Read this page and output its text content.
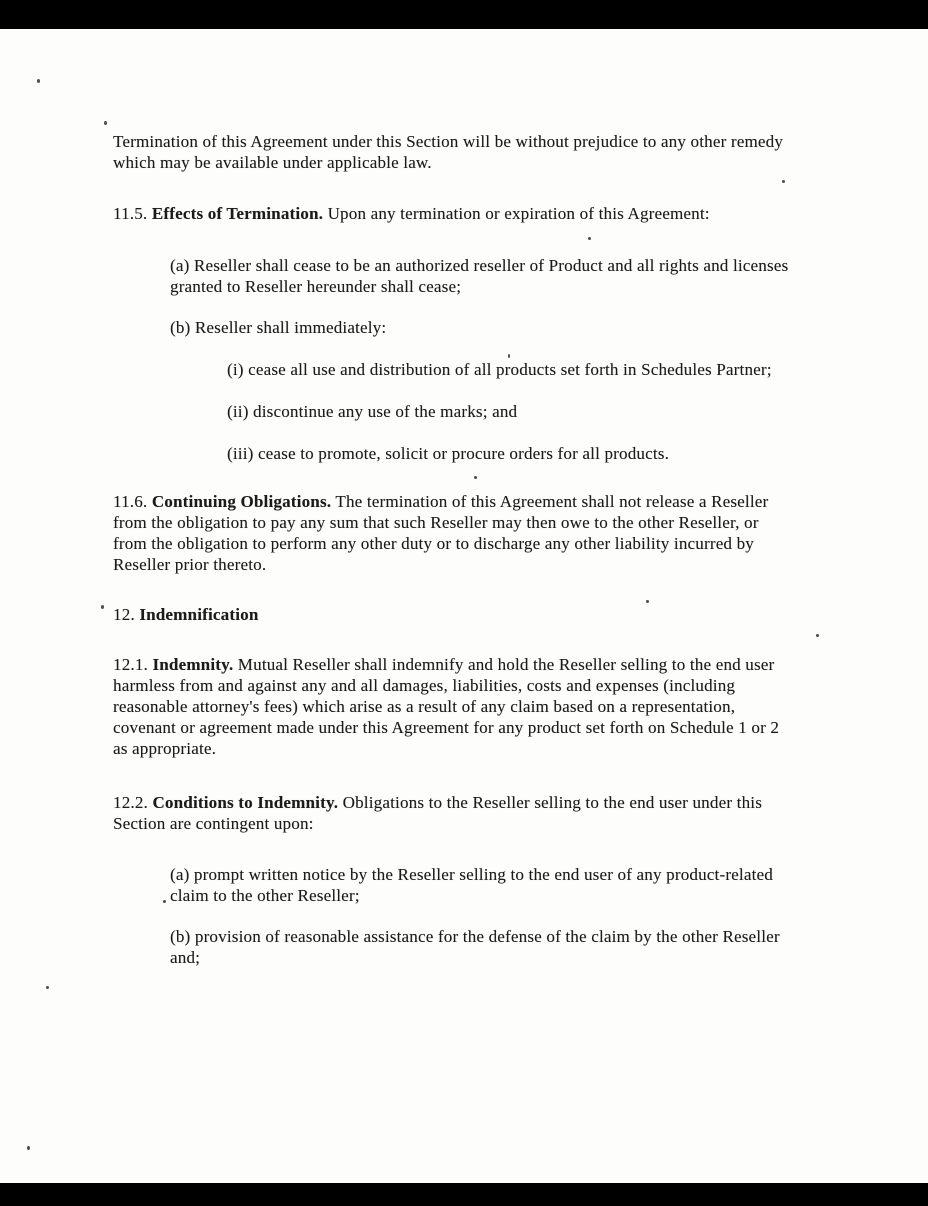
Termination of this Agreement under this Section will be without prejudice to any other remedy
which may be available under applicable law.
11.5. Effects of Termination. Upon any termination or expiration of this Agreement:
(a) Reseller shall cease to be an authorized reseller of Product and all rights and licenses
granted to Reseller hereunder shall cease;
(b) Reseller shall immediately:
(i) cease all use and distribution of all products set forth in Schedules Partner;
(ii) discontinue any use of the marks; and
(iii) cease to promote, solicit or procure orders for all products.
11.6. Continuing Obligations. The termination of this Agreement shall not release a Reseller
from the obligation to pay any sum that such Reseller may then owe to the other Reseller, or
from the obligation to perform any other duty or to discharge any other liability incurred by
Reseller prior thereto.
12. Indemnification
12.1. Indemnity. Mutual Reseller shall indemnify and hold the Reseller selling to the end user
harmless from and against any and all damages, liabilities, costs and expenses (including
reasonable attorney's fees) which arise as a result of any claim based on a representation,
covenant or agreement made under this Agreement for any product set forth on Schedule 1 or 2
as appropriate.
12.2. Conditions to Indemnity. Obligations to the Reseller selling to the end user under this
Section are contingent upon:
(a) prompt written notice by the Reseller selling to the end user of any product-related
claim to the other Reseller;
(b) provision of reasonable assistance for the defense of the claim by the other Reseller
and;
